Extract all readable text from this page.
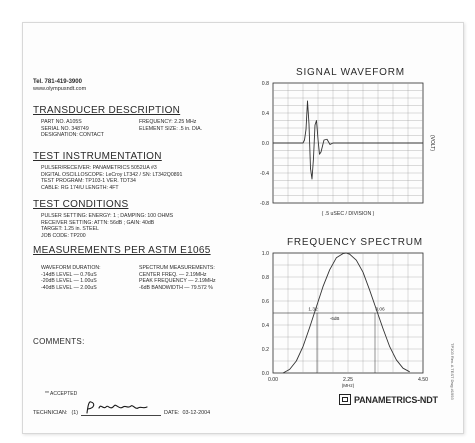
Tel. 781-419-3900
www.olympusndt.com
TRANSDUCER DESCRIPTION
PART NO. A105S	FREQUENCY: 2.25 MHz
SERIAL NO. 348749	ELEMENT SIZE: .5 in. DIA.
DESIGNATION: CONTACT
TEST INSTRUMENTATION
PULSER/RECEIVER: PANAMETRICS 5052UA #3
DIGITAL OSCILLOSCOPE: LeCroy LT342 / SN: LT342Q0891
TEST PROGRAM: TP103-1 VER. TDT34
CABLE: RG 174/U LENGTH: 4FT
TEST CONDITIONS
PULSER SETTING: ENERGY: 1 ; DAMPING: 100 OHMS
RECEIVER SETTING: ATTN: 56dB ; GAIN: 40dB
TARGET: 1.25 in. STEEL
JOB CODE: TP200
MEASUREMENTS PER ASTM E1065
WAVEFORM DURATION:	SPECTRUM MEASUREMENTS:
-14dB LEVEL — 0.76uS	CENTER FREQ. — 2.19MHz
-20dB LEVEL — 1.00uS	PEAK FREQUENCY — 2.19MHz
-40dB LEVEL — 2.00uS	-6dB BANDWIDTH — 79.572 %
COMMENTS:
** ACCEPTED
TECHNICIAN: (1)	DATE: 03-12-2004
SIGNAL WAVEFORM
FREQUENCY SPECTRUM
0.8
0.4
0.0
-0.4
-0.8
( .5 uSEC / DIVISION )
(VOLT)
1.0
0.8
0.6
0.4
0.2
0.0
0.00	2.25	4.50
(MHz)
1.32	3.06
-6dB
PANAMETRICS-NDT	TP103 Rev. A TEST Dwg #1993
